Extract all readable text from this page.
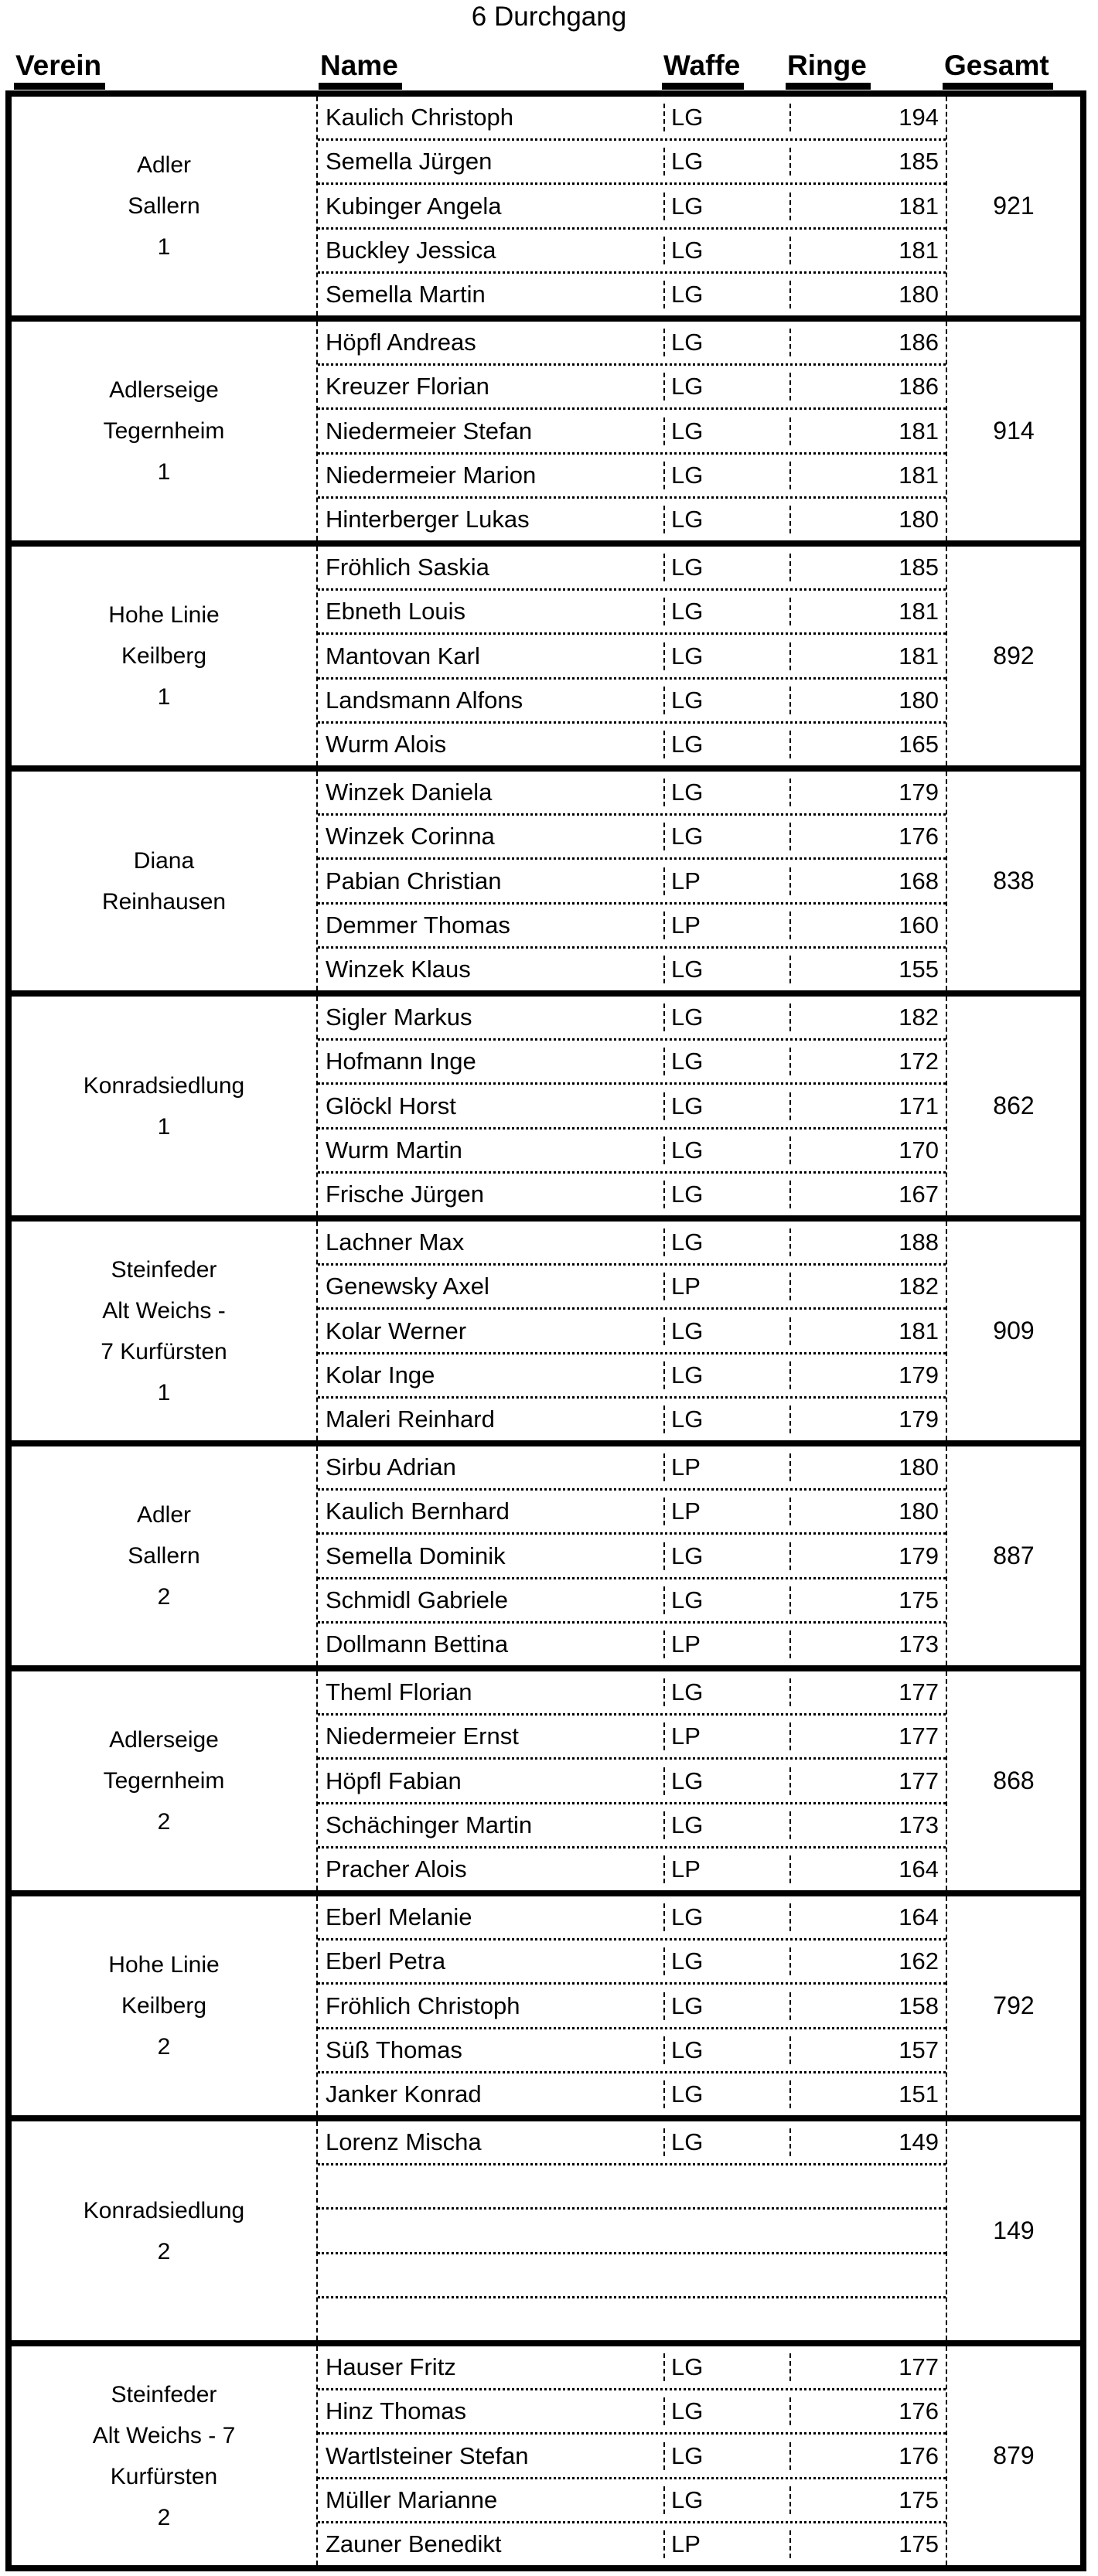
6 Durchgang
Verein	Name	Waffe Ringe	Gesamt
Adler
Sallern
1
Kaulich Christoph	LG	194
Semella Jürgen	LG	185
Kubinger Angela	LG	181
Buckley Jessica	LG	181
Semella Martin	LG	180
921
Adlerseige
Tegernheim
1
Höpfl Andreas	LG	186
Kreuzer Florian	LG	186
Niedermeier Stefan	LG	181
Niedermeier Marion	LG	181
Hinterberger Lukas	LG	180
914
Hohe Linie
Keilberg
1
Fröhlich Saskia	LG	185
Ebneth Louis	LG	181
Mantovan Karl	LG	181
Landsmann Alfons	LG	180
Wurm Alois	LG	165
892
Diana
Reinhausen
Winzek Daniela	LG	179
Winzek Corinna	LG	176
Pabian Christian	LP	168
Demmer Thomas	LP	160
Winzek Klaus	LG	155
838
Konradsiedlung
1
Sigler Markus	LG	182
Hofmann Inge	LG	172
Glöckl Horst	LG	171
Wurm Martin	LG	170
Frische Jürgen	LG	167
862
Steinfeder
Alt Weichs -
7 Kurfürsten
1
Lachner Max	LG	188
Genewsky Axel	LP	182
Kolar Werner	LG	181
Kolar Inge	LG	179
Maleri Reinhard	LG	179
909
Adler
Sallern
2
Sirbu Adrian	LP	180
Kaulich Bernhard	LP	180
Semella Dominik	LG	179
Schmidl Gabriele	LG	175
Dollmann Bettina	LP	173
887
Adlerseige
Tegernheim
2
Theml Florian	LG	177
Niedermeier Ernst	LP	177
Höpfl Fabian	LG	177
Schächinger Martin	LG	173
Pracher Alois	LP	164
868
Hohe Linie
Keilberg
2
Eberl Melanie	LG	164
Eberl Petra	LG	162
Fröhlich Christoph	LG	158
Süß Thomas	LG	157
Janker Konrad	LG	151
792
Konradsiedlung
2
Lorenz Mischa	LG	149
149
Steinfeder
Alt Weichs - 7
Kurfürsten
2
Hauser Fritz	LG	177
Hinz Thomas	LG	176
Wartlsteiner Stefan	LG	176
Müller Marianne	LG	175
Zauner Benedikt	LP	175
879
